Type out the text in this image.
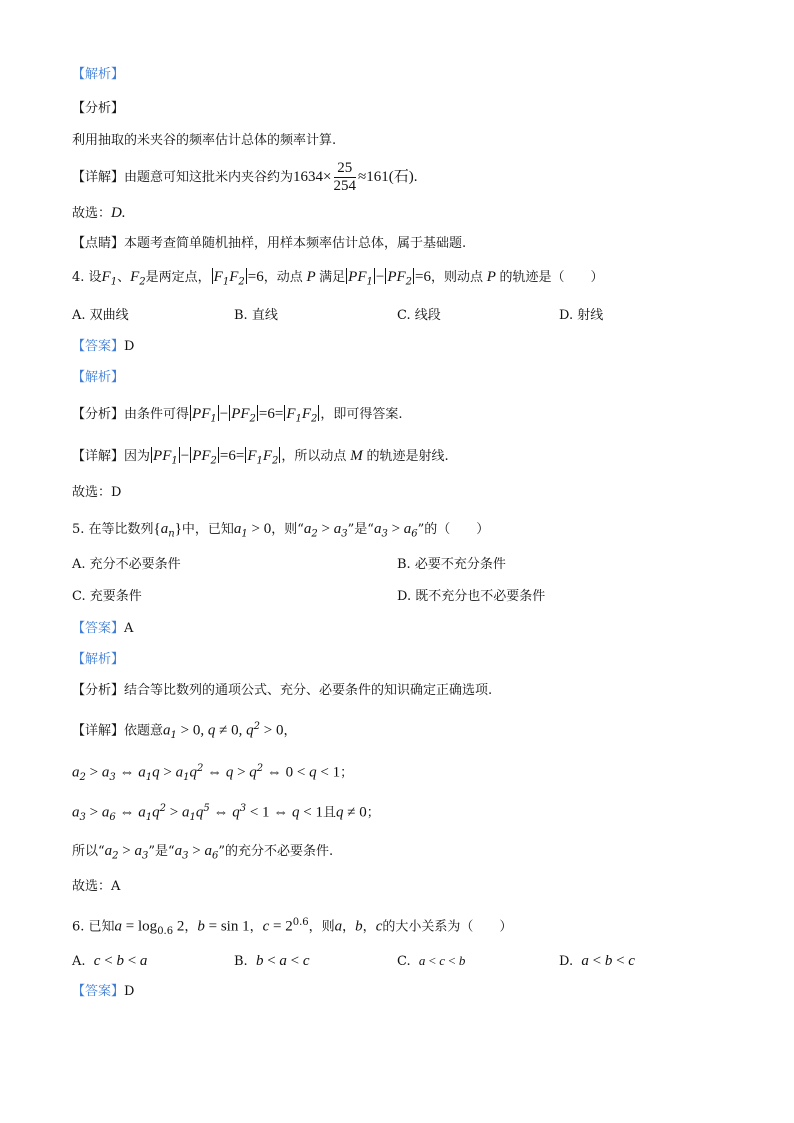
【解析】
【分析】
利用抽取的米夹谷的频率估计总体的频率计算.
【详解】由题意可知这批米内夹谷约为$1634\times \frac{25}{254} \approx 161$(石).
故选：D.
【点睛】本题考查简单随机抽样，用样本频率估计总体，属于基础题.
4. 设$F_1$、$F_2$是两定点， $F_1F_2 =6$，动点 P 满足 $PF_1 - PF_2 =6$，则动点 P 的轨迹是（　　）
A. 双曲线	B. 直线	C. 线段	D. 射线
【答案】D
【解析】
【分析】由条件可得 $PF_1 - PF_2 =6= F_1F_2$ ，即可得答案.
【详解】因为 $PF_1 - PF_2 =6= F_1F_2$ ，所以动点 M 的轨迹是射线.
故选：D
5. 在等比数列$\{a_n\}$中，已知$a_1 > 0$，则“$a_2 > a_3$”是“$a_3 > a_6$”的（　　）
A. 充分不必要条件	B. 必要不充分条件
C. 充要条件	D. 既不充分也不必要条件
【答案】A
【解析】
【分析】结合等比数列的通项公式、充分、必要条件的知识确定正确选项.
【详解】依题意$a_1 > 0$, q ≠ 0, $q^2 > 0$，
$a_2 > a_3$ ⇔ $a_1q > a_1q^2$ ⇔ $q > q^2$ ⇔ 0 < q < 1；
$a_3 > a_6$ ⇔ $a_1q^2 > a_1q^5$ ⇔ $q^3 < 1$ ⇔ q < 1且q ≠ 0；
所以“$a_2 > a_3$”是“$a_3 > a_6$”的充分不必要条件.
故选：A
6. 已知$a = \log_{0.6} 2$，b = sin 1，$c = 2^{0.6}$，则a，b，c的大小关系为（　　）
A. c < b < a	B. b < a < c	C. a < c < b	D. a < b < c
【答案】D
